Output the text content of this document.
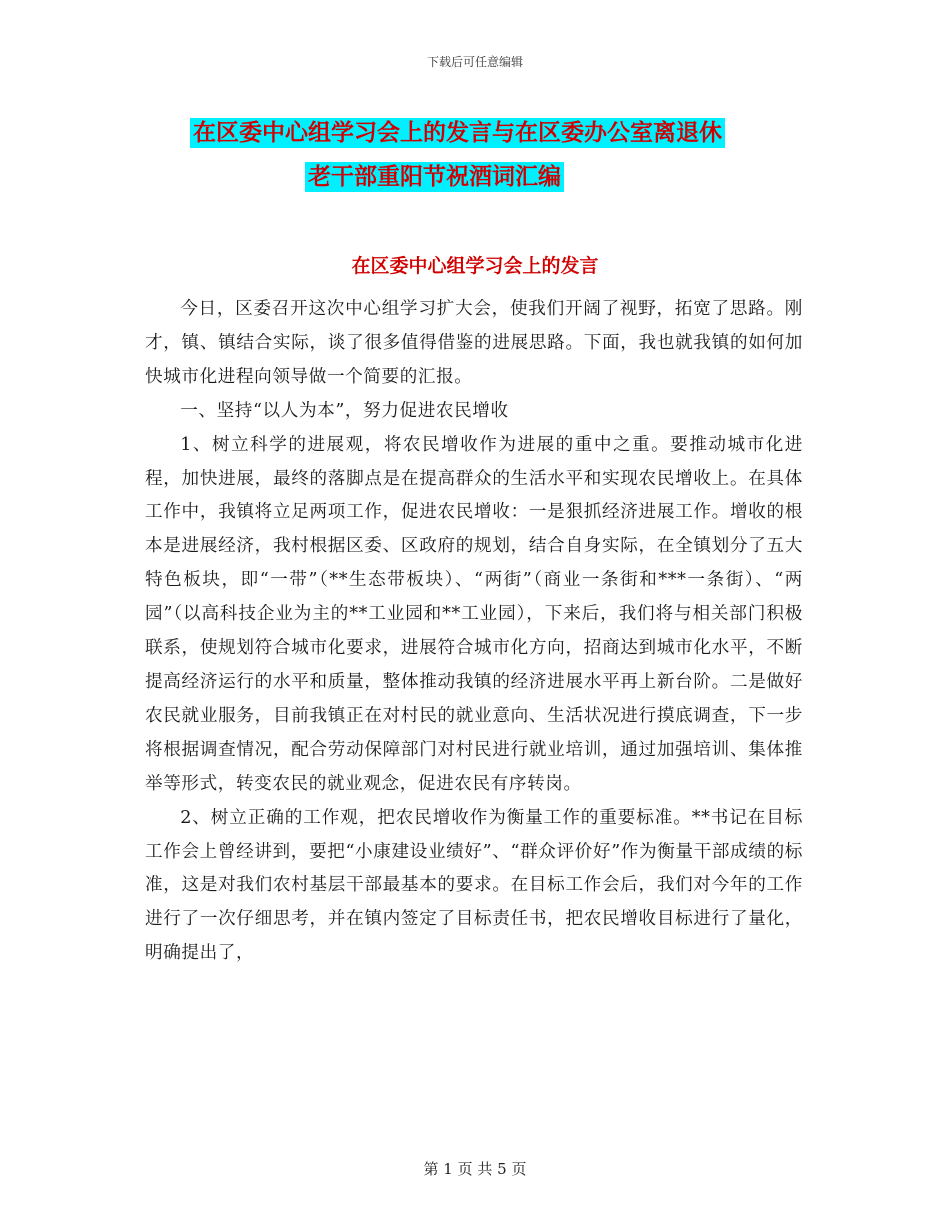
下载后可任意编辑
在区委中心组学习会上的发言与在区委办公室离退休
老干部重阳节祝酒词汇编
在区委中心组学习会上的发言

今日，区委召开这次中心组学习扩大会，使我们开阔了视野，拓宽了思路。刚才，镇、镇结合实际，谈了很多值得借鉴的进展思路。下面，我也就我镇的如何加快城市化进程向领导做一个简要的汇报。

一、坚持“以人为本”，努力促进农民增收

1、树立科学的进展观，将农民增收作为进展的重中之重。要推动城市化进程，加快进展，最终的落脚点是在提高群众的生活水平和实现农民增收上。在具体工作中，我镇将立足两项工作，促进农民增收：一是狠抓经济进展工作。增收的根本是进展经济，我村根据区委、区政府的规划，结合自身实际，在全镇划分了五大特色板块，即“一带”（**生态带板块）、“两街”（商业一条街和***一条街）、“两园”（以高科技企业为主的**工业园和**工业园），下来后，我们将与相关部门积极联系，使规划符合城市化要求，进展符合城市化方向，招商达到城市化水平，不断提高经济运行的水平和质量，整体推动我镇的经济进展水平再上新台阶。二是做好农民就业服务，目前我镇正在对村民的就业意向、生活状况进行摸底调查，下一步将根据调查情况，配合劳动保障部门对村民进行就业培训，通过加强培训、集体推举等形式，转变农民的就业观念，促进农民有序转岗。

2、树立正确的工作观，把农民增收作为衡量工作的重要标准。**书记在目标工作会上曾经讲到，要把“小康建设业绩好”、“群众评价好”作为衡量干部成绩的标准，这是对我们农村基层干部最基本的要求。在目标工作会后，我们对今年的工作进行了一次仔细思考，并在镇内签定了目标责任书，把农民增收目标进行了量化，明确提出了，

第 1 页 共 5 页
